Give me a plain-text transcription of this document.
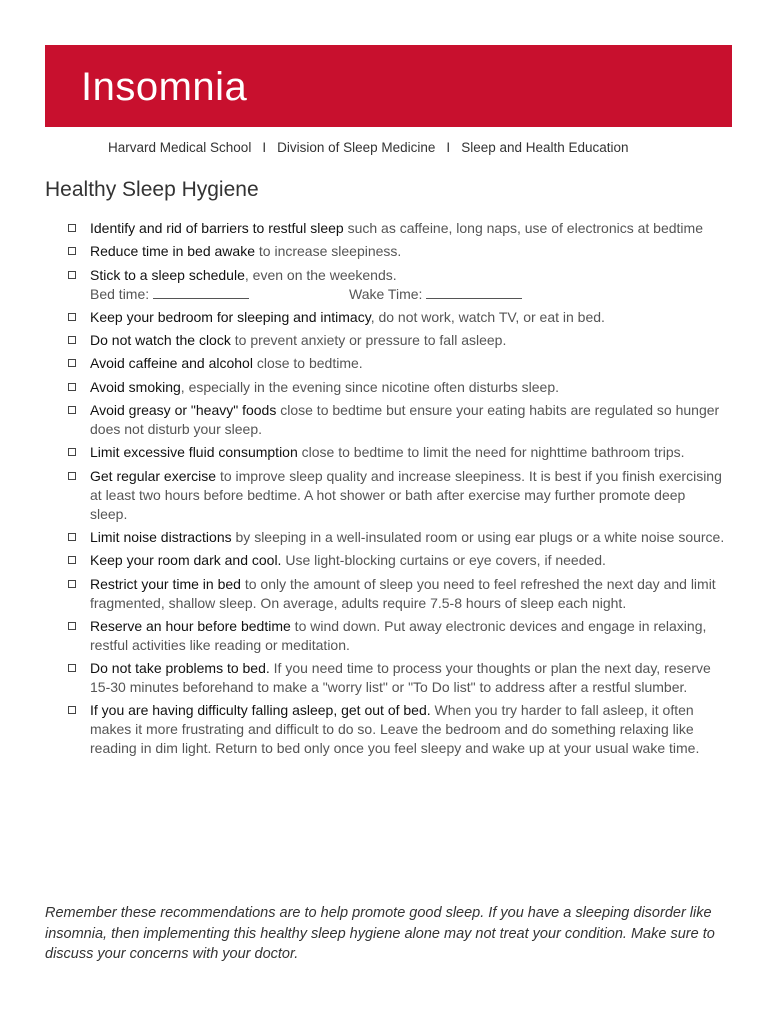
Insomnia
Harvard Medical School I Division of Sleep Medicine I Sleep and Health Education
Healthy Sleep Hygiene
Identify and rid of barriers to restful sleep such as caffeine, long naps, use of electronics at bedtime
Reduce time in bed awake to increase sleepiness.
Stick to a sleep schedule, even on the weekends.
Bed time:	Wake Time:
Keep your bedroom for sleeping and intimacy, do not work, watch TV, or eat in bed.
Do not watch the clock to prevent anxiety or pressure to fall asleep.
Avoid caffeine and alcohol close to bedtime.
Avoid smoking, especially in the evening since nicotine often disturbs sleep.
Avoid greasy or "heavy" foods close to bedtime but ensure your eating habits are regulated so hunger does not disturb your sleep.
Limit excessive fluid consumption close to bedtime to limit the need for nighttime bathroom trips.
Get regular exercise to improve sleep quality and increase sleepiness. It is best if you finish exercising at least two hours before bedtime. A hot shower or bath after exercise may further promote deep sleep.
Limit noise distractions by sleeping in a well-insulated room or using ear plugs or a white noise source.
Keep your room dark and cool. Use light-blocking curtains or eye covers, if needed.
Restrict your time in bed to only the amount of sleep you need to feel refreshed the next day and limit fragmented, shallow sleep. On average, adults require 7.5-8 hours of sleep each night.
Reserve an hour before bedtime to wind down. Put away electronic devices and engage in relaxing, restful activities like reading or meditation.
Do not take problems to bed. If you need time to process your thoughts or plan the next day, reserve 15-30 minutes beforehand to make a "worry list" or "To Do list" to address after a restful slumber.
If you are having difficulty falling asleep, get out of bed. When you try harder to fall asleep, it often makes it more frustrating and difficult to do so. Leave the bedroom and do something relaxing like reading in dim light. Return to bed only once you feel sleepy and wake up at your usual wake time.
Remember these recommendations are to help promote good sleep. If you have a sleeping disorder like insomnia, then implementing this healthy sleep hygiene alone may not treat your condition. Make sure to discuss your concerns with your doctor.
